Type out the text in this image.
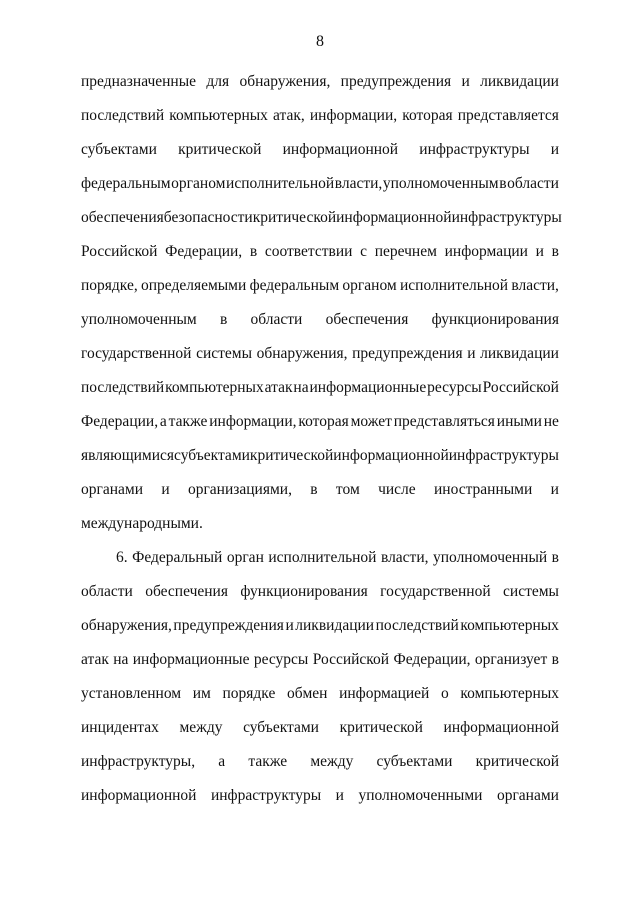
8
предназначенные для обнаружения, предупреждения и ликвидации
последствий компьютерных атак, информации, которая представляется
субъектами критической информационной инфраструктуры и
федеральным органом исполнительной власти, уполномоченным в области
обеспечения безопасности критической информационной инфраструктуры
Российской Федерации, в соответствии с перечнем информации и в
порядке, определяемыми федеральным органом исполнительной власти,
уполномоченным в области обеспечения функционирования
государственной системы обнаружения, предупреждения и ликвидации
последствий компьютерных атак на информационные ресурсы Российской
Федерации, а также информации, которая может представляться иными не
являющимися субъектами критической информационной инфраструктуры
органами и организациями, в том числе иностранными и
международными.
6. Федеральный орган исполнительной власти, уполномоченный в
области обеспечения функционирования государственной системы
обнаружения, предупреждения и ликвидации последствий компьютерных
атак на информационные ресурсы Российской Федерации, организует в
установленном им порядке обмен информацией о компьютерных
инцидентах между субъектами критической информационной
инфраструктуры, а также между субъектами критической
информационной инфраструктуры и уполномоченными органами
